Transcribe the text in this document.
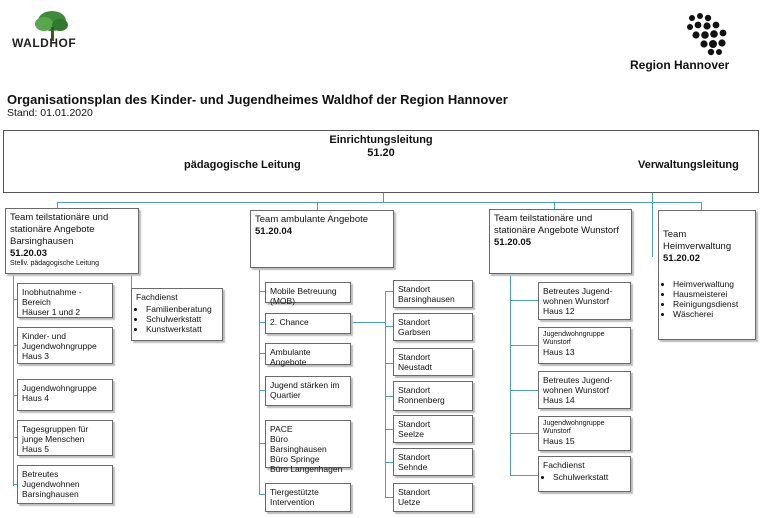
WALDHOF
Region Hannover
Organisationsplan des Kinder- und Jugendheimes Waldhof der Region Hannover
Stand: 01.01.2020
Einrichtungsleitung
51.20
pädagogische Leitung	Verwaltungsleitung
Team teilstationäre und
stationäre Angebote
Barsinghausen
51.20.03
Stellv. pädagogische Leitung
Inobhutnahme -
Bereich
Häuser 1 und 2
Kinder- und
Jugendwohngruppe
Haus 3
Jugendwohngruppe
Haus 4
Tagesgruppen für
junge Menschen
Haus 5
Betreutes
Jugendwohnen
Barsinghausen
Fachdienst
• Familienberatung
• Schulwerkstatt
• Kunstwerkstatt
Team ambulante Angebote
51.20.04
Mobile Betreuung (MOB)
2. Chance
Ambulante Angebote
Jugend stärken im
Quartier
PACE
Büro Barsinghausen
Büro Springe
Büro Langenhagen
Tiergestützte
Intervention
Standort
Barsinghausen
Standort
Garbsen
Standort
Neustadt
Standort
Ronnenberg
Standort
Seelze
Standort
Sehnde
Standort
Uetze
Team teilstationäre und
stationäre Angebote Wunstorf
51.20.05
Betreutes Jugend-
wohnen Wunstorf
Haus 12
Jugendwohngruppe
Wunstorf
Haus 13
Betreutes Jugend-
wohnen Wunstorf
Haus 14
Jugendwohngruppe
Wunstorf
Haus 15
Fachdienst
• Schulwerkstatt
Team
Heimverwaltung
51.20.02
• Heimverwaltung
• Hausmeisterei
• Reinigungsdienst
• Wäscherei
